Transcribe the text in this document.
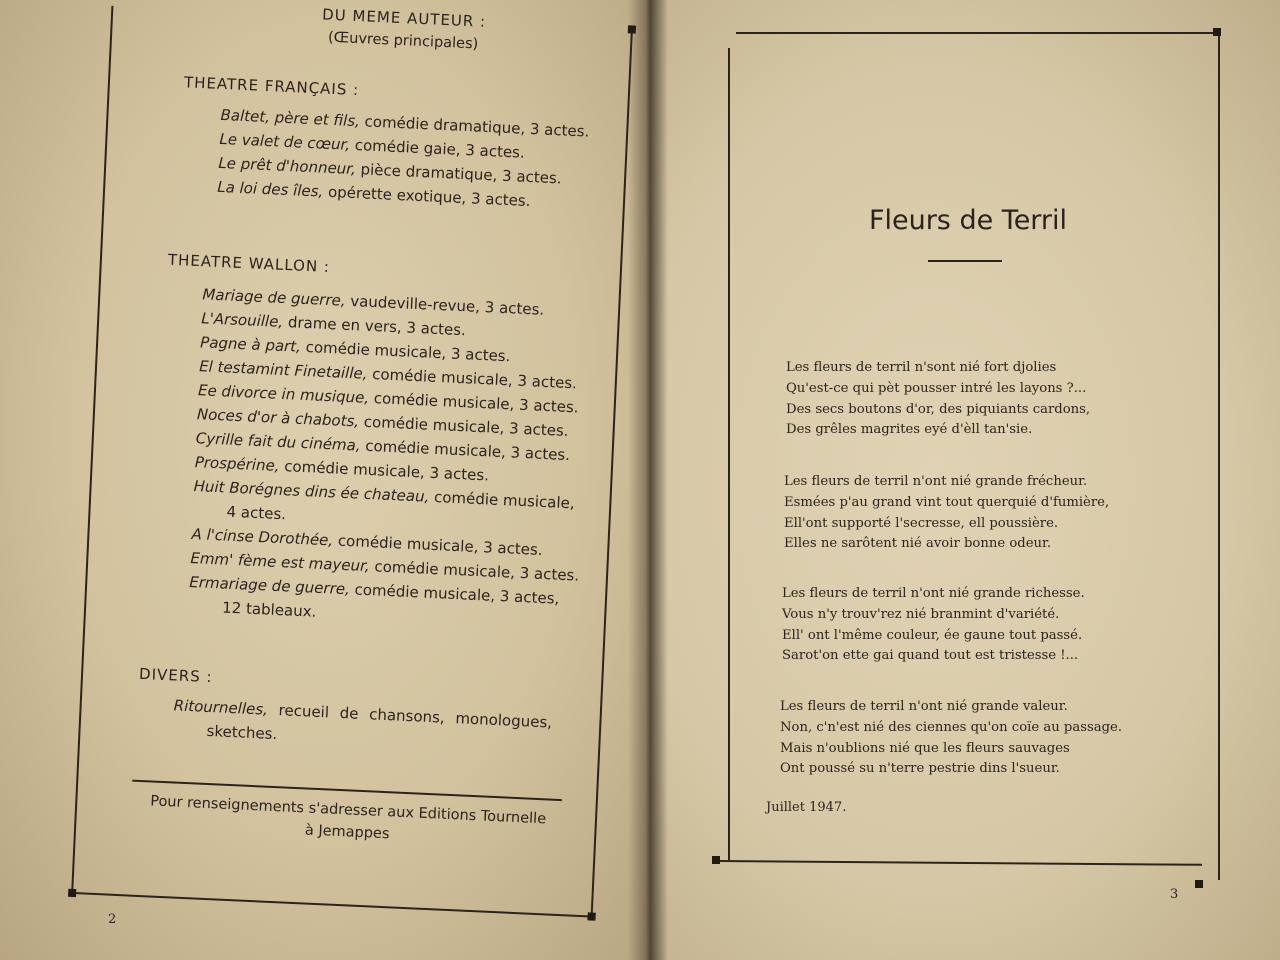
DU MEME AUTEUR :
(Œuvres principales)
THEATRE FRANÇAIS :
Baltet, père et fils, comédie dramatique, 3 actes.
Le valet de cœur, comédie gaie, 3 actes.
Le prêt d'honneur, pièce dramatique, 3 actes.
La loi des îles, opérette exotique, 3 actes.
THEATRE WALLON :
Mariage de guerre, vaudeville-revue, 3 actes.
L'Arsouille, drame en vers, 3 actes.
Pagne à part, comédie musicale, 3 actes.
El testamint Finetaille, comédie musicale, 3 actes.
Ee divorce in musique, comédie musicale, 3 actes.
Noces d'or à chabots, comédie musicale, 3 actes.
Cyrille fait du cinéma, comédie musicale, 3 actes.
Prospérine, comédie musicale, 3 actes.
Huit Borégnes dins ée chateau, comédie musicale,
4 actes.
A l'cinse Dorothée, comédie musicale, 3 actes.
Emm' fème est mayeur, comédie musicale, 3 actes.
Ermariage de guerre, comédie musicale, 3 actes,
12 tableaux.
DIVERS :
Ritournelles, recueil de chansons, monologues,
sketches.
Pour renseignements s'adresser aux Editions Tournelle
à Jemappes
2
Fleurs de Terril
Les fleurs de terril n'sont nié fort djolies
Qu'est-ce qui pèt pousser intré les layons ?...
Des secs boutons d'or, des piquiants cardons,
Des grêles magrites eyé d'èll tan'sie.
Les fleurs de terril n'ont nié grande frécheur.
Esmées p'au grand vint tout querquié d'fumière,
Ell'ont supporté l'secresse, ell poussière.
Elles ne sarôtent nié avoir bonne odeur.
Les fleurs de terril n'ont nié grande richesse.
Vous n'y trouv'rez nié branmint d'variété.
Ell' ont l'même couleur, ée gaune tout passé.
Sarot'on ette gai quand tout est tristesse !...
Les fleurs de terril n'ont nié grande valeur.
Non, c'n'est nié des ciennes qu'on coïe au passage.
Mais n'oublions nié que les fleurs sauvages
Ont poussé su n'terre pestrie dins l'sueur.
Juillet 1947.
3
